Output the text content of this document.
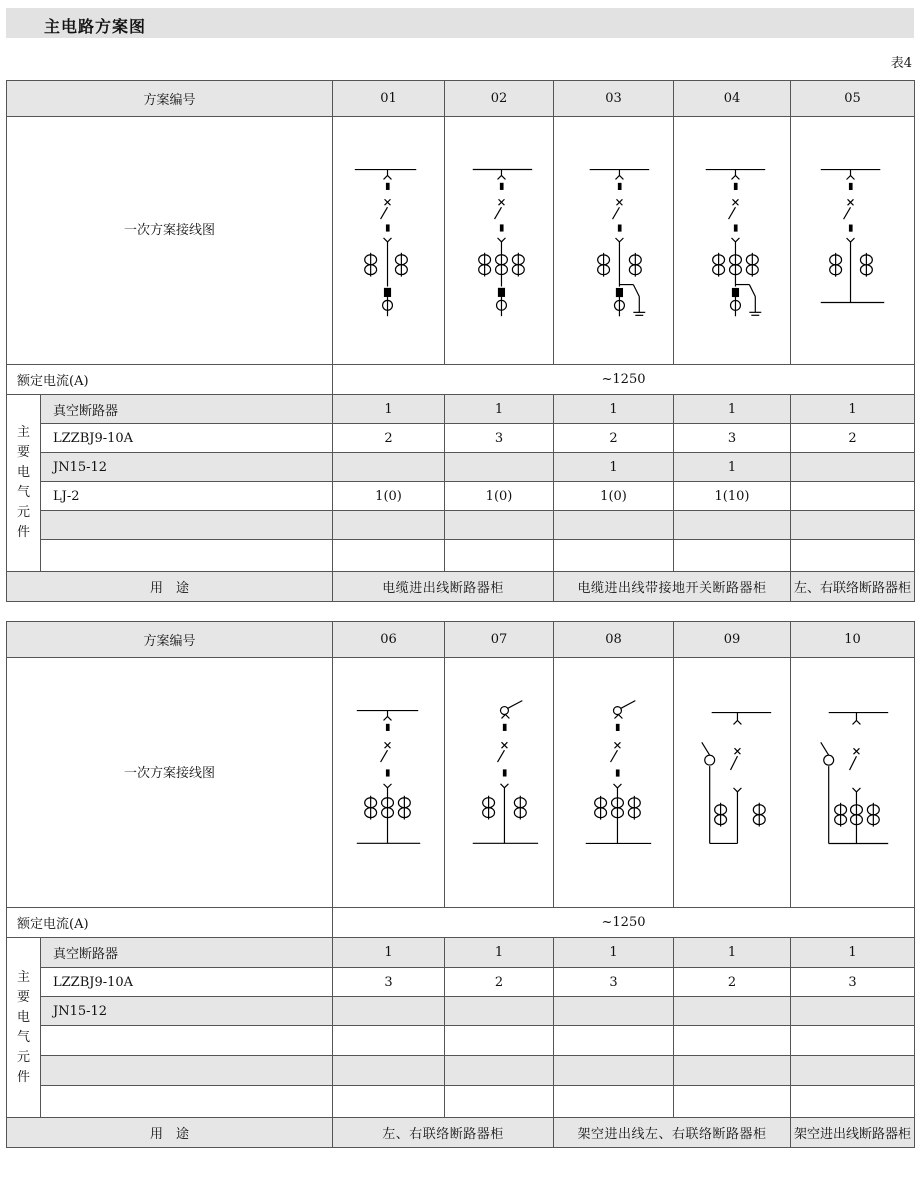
主电路方案图
表4
方案编号		01	02	03	04	05
一次方案接线图	

额定电流(A)		~1250				
主要电气元件	真空断路器	1	1	1	1	1
	LZZBJ9-10A	2	3	2	3	2
	JN15-12			1	1	
	LJ-2	1(0)	1(0)	1(0)	1(10)	

用　途		电缆进出线断路器柜		电缆进出线带接地开关断路器柜		左、右联络断路器柜
方案编号		06	07	08	09	10
一次方案接线图	

额定电流(A)		~1250				
主要电气元件	真空断路器	1	1	1	1	1
	LZZBJ9-10A	3	2	3	2	3
	JN15-12					

用　途		左、右联络断路器柜		架空进出线左、右联络断路器柜		架空进出线断路器柜
